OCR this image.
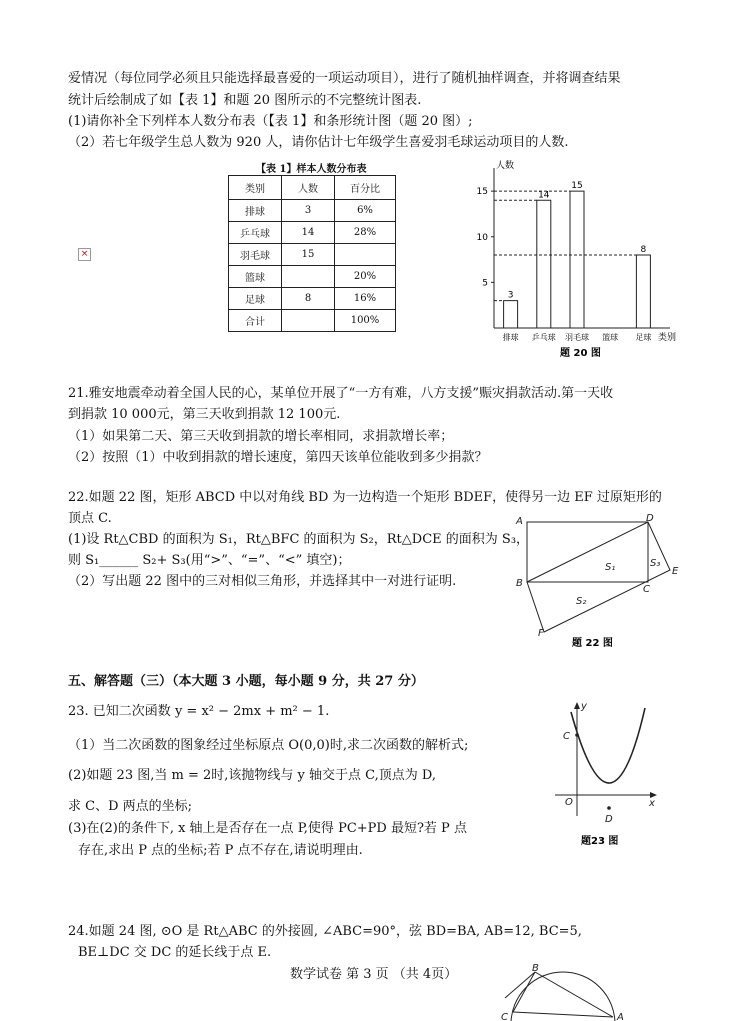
爱情况（每位同学必须且只能选择最喜爱的一项运动项目），进行了随机抽样调查，并将调查结果
统计后绘制成了如【表 1】和题 20 图所示的不完整统计图表.
(1)请你补全下列样本人数分布表（【表 1】和条形统计图（题 20 图）;
（2）若七年级学生总人数为 920 人，请你估计七年级学生喜爱羽毛球运动项目的人数.
×
【表 1】样本人数分布表
类别	人数	百分比
排球	3	6%
乒乓球	14	28%
羽毛球	15	
篮球		20%
足球	8	16%
合计		100%
人数
类别
5
10
15
排球
3
乒乓球
14
羽毛球
15
篮球 足球
8
题 20 图
21.雅安地震牵动着全国人民的心，某单位开展了“一方有难，八方支援”赈灾捐款活动.第一天收
到捐款 10 000元，第三天收到捐款 12 100元.
（1）如果第二天、第三天收到捐款的增长率相同，求捐款增长率；
（2）按照（1）中收到捐款的增长速度，第四天该单位能收到多少捐款？
22.如题 22 图，矩形 ABCD 中以对角线 BD 为一边构造一个矩形 BDEF，使得另一边 EF 过原矩形的
顶点 C.
(1)设 Rt△CBD 的面积为 S₁，Rt△BFC 的面积为 S₂，Rt△DCE 的面积为 S₃，
则 S₁______ S₂+ S₃(用“>”、“=”、“<” 填空)；
（2）写出题 22 图中的三对相似三角形，并选择其中一对进行证明.
A
B
C
D
E
F
S₁
S₂
S₃
题 22 图
五、解答题（三）（本大题 3 小题，每小题 9 分，共 27 分）
23. 已知二次函数 y = x² − 2mx + m² − 1.
（1）当二次函数的图象经过坐标原点 O(0,0)时,求二次函数的解析式;
(2)如题 23 图,当 m = 2时,该抛物线与 y 轴交于点 C,顶点为 D,
求 C、D 两点的坐标;
(3)在(2)的条件下, x 轴上是否存在一点 P,使得 PC+PD 最短?若 P 点
存在,求出 P 点的坐标;若 P 点不存在,请说明理由.
y
x
O
C
D
题23 图
24.如题 24 图, ⊙O 是 Rt△ABC 的外接圆, ∠ABC=90°，弦 BD=BA, AB=12, BC=5,
BE⊥DC 交 DC 的延长线于点 E.
数学试卷 第 3 页 （共 4页）	B
C	A
